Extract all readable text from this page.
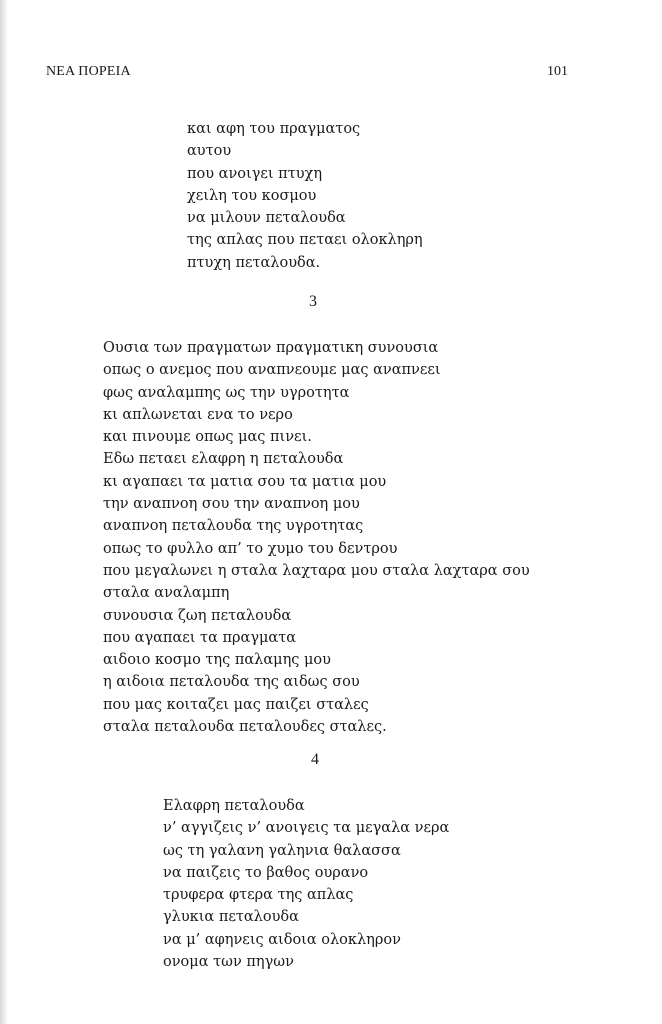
ΝΕΑ ΠΟΡΕΙΑ	101
και αφη του πραγματος
αυτου
που ανοιγει πτυχη
χειλη του κοσμου
να μιλουν πεταλουδα
της απλας που πεταει ολοκληρη
πτυχη πεταλουδα.
3
Ουσια των πραγματων πραγματικη συνουσια
οπως ο ανεμος που αναπνεουμε μας αναπνεει
φως αναλαμπης ως την υγροτητα
κι απλωνεται ενα το νερο
και πινουμε οπως μας πινει.
Εδω πεταει ελαφρη η πεταλουδα
κι αγαπαει τα ματια σου τα ματια μου
την αναπνοη σου την αναπνοη μου
αναπνοη πεταλουδα της υγροτητας
οπως το φυλλο απ’ το χυμο του δεντρου
που μεγαλωνει η σταλα λαχταρα μου σταλα λαχταρα σου
σταλα αναλαμπη
συνουσια ζωη πεταλουδα
που αγαπαει τα πραγματα
αιδοιο κοσμο της παλαμης μου
η αιδοια πεταλουδα της αιδως σου
που μας κοιταζει μας παιζει σταλες
σταλα πεταλουδα πεταλουδες σταλες.
4
Ελαφρη πεταλουδα
ν’ αγγιζεις ν’ ανοιγεις τα μεγαλα νερα
ως τη γαλανη γαληνια θαλασσα
να παιζεις το βαθος ουρανο
τρυφερα φτερα της απλας
γλυκια πεταλουδα
να μ’ αφηνεις αιδοια ολοκληρον
ονομα των πηγων
